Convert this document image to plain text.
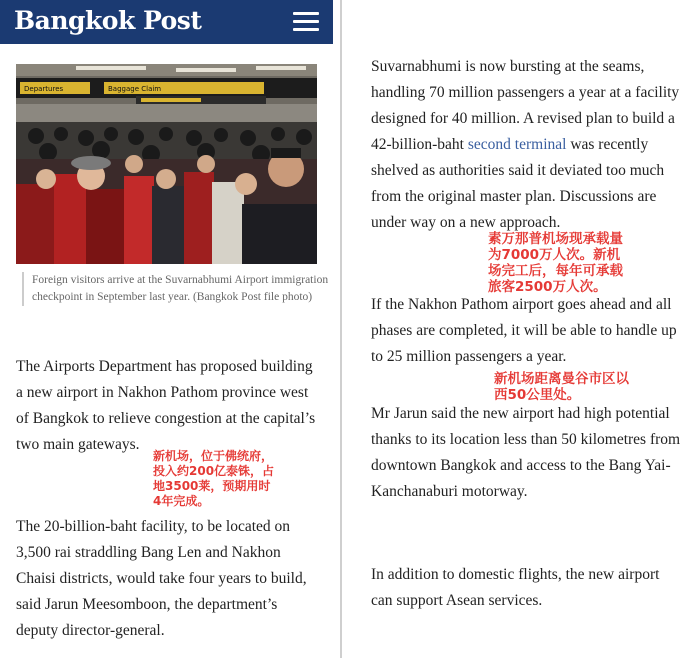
Bangkok Post
Departures	Baggage Claim
Foreign visitors arrive at the Suvarnabhumi Airport immigration checkpoint in September last year. (Bangkok Post file photo)
The Airports Department has proposed building a new airport in Nakhon Pathom province west of Bangkok to relieve congestion at the capital’s two main gateways.
The 20-billion-baht facility, to be located on 3,500 rai straddling Bang Len and Nakhon Chaisi districts, would take four years to build, said Jarun Meesomboon, the department’s deputy director-general.
新机场，位于佛统府，
投入约200亿泰铢，占
地3500莱，预期用时
4年完成。
Suvarnabhumi is now bursting at the seams, handling 70 million passengers a year at a facility designed for 40 million. A revised plan to build a 42-billion-baht second terminal was recently shelved as authorities said it deviated too much from the original master plan. Discussions are under way on a new approach.
If the Nakhon Pathom airport goes ahead and all phases are completed, it will be able to handle up to 25 million passengers a year.
Mr Jarun said the new airport had high potential thanks to its location less than 50 kilometres from downtown Bangkok and access to the Bang Yai-Kanchanaburi motorway.
In addition to domestic flights, the new airport can support Asean services.
素万那普机场现承载量
为7000万人次。新机
场完工后，每年可承载
旅客2500万人次。
新机场距离曼谷市区以
西50公里处。
